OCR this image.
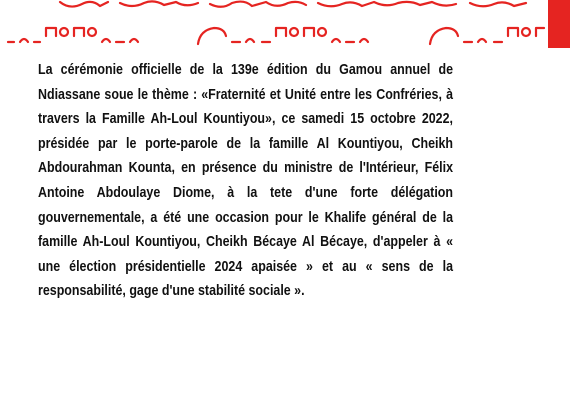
La cérémonie officielle de la 139e édition du Gamou annuel de Ndiassane soue le thème : «Fraternité et Unité entre les Confréries, à travers la Famille Ah-Loul Kountiyou», ce samedi 15 octobre 2022, présidée par le porte-parole de la famille Al Kountiyou, Cheikh Abdourahman Kounta, en présence du ministre de l'Intérieur, Félix Antoine Abdoulaye Diome, à la tete d'une forte délégation gouvernementale, a été une occasion pour le Khalife général de la famille Ah-Loul Kountiyou, Cheikh Bécaye Al Bécaye, d'appeler à « une élection présidentielle 2024 apaisée » et au « sens de la responsabilité, gage d'une stabilité sociale ».
